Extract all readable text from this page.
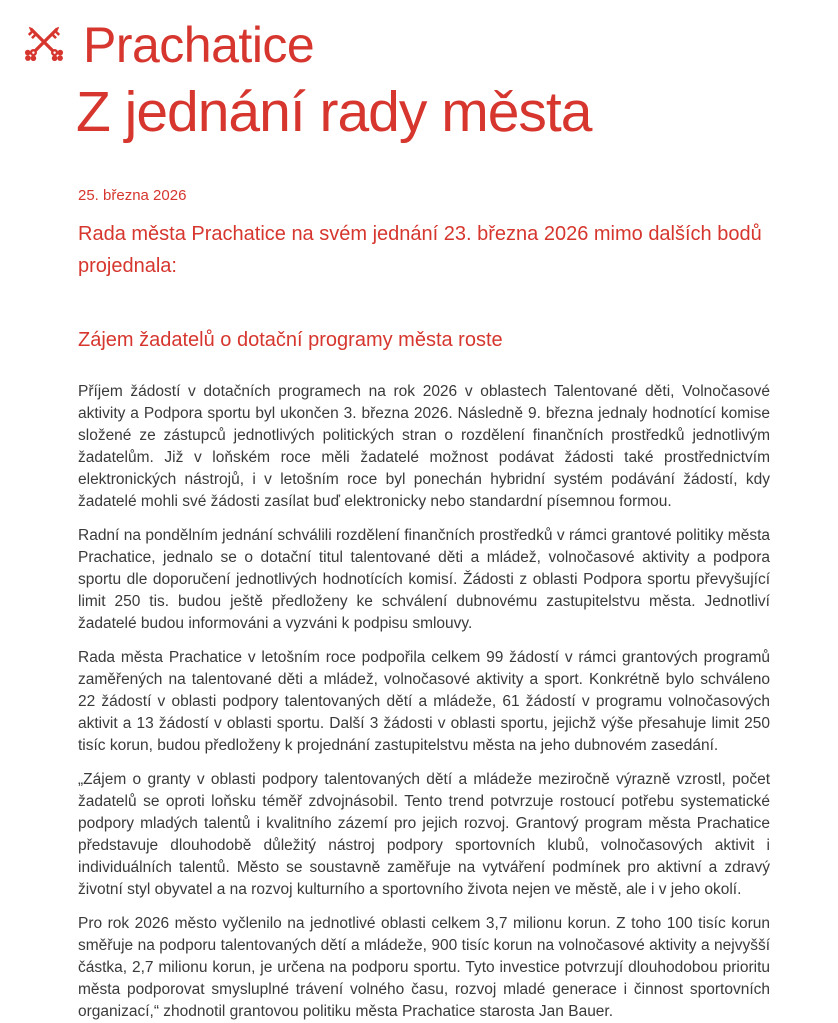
Prachatice
Z jednání rady města

25. března 2026

Rada města Prachatice na svém jednání 23. března 2026 mimo dalších bodů projednala:

Zájem žadatelů o dotační programy města roste

Příjem žádostí v dotačních programech na rok 2026 v oblastech Talentované děti, Volnočasové aktivity a Podpora sportu byl ukončen 3. března 2026. Následně 9. března jednaly hodnotící komise složené ze zástupců jednotlivých politických stran o rozdělení finančních prostředků jednotlivým žadatelům. Již v loňském roce měli žadatelé možnost podávat žádosti také prostřednictvím elektronických nástrojů, i v letošním roce byl ponechán hybridní systém podávání žádostí, kdy žadatelé mohli své žádosti zasílat buď elektronicky nebo standardní písemnou formou.

Radní na pondělním jednání schválili rozdělení finančních prostředků v rámci grantové politiky města Prachatice, jednalo se o dotační titul talentované děti a mládež, volnočasové aktivity a podpora sportu dle doporučení jednotlivých hodnotících komisí. Žádosti z oblasti Podpora sportu převyšující limit 250 tis. budou ještě předloženy ke schválení dubnovému zastupitelstvu města. Jednotliví žadatelé budou informováni a vyzváni k podpisu smlouvy.

Rada města Prachatice v letošním roce podpořila celkem 99 žádostí v rámci grantových programů zaměřených na talentované děti a mládež, volnočasové aktivity a sport. Konkrétně bylo schváleno 22 žádostí v oblasti podpory talentovaných dětí a mládeže, 61 žádostí v programu volnočasových aktivit a 13 žádostí v oblasti sportu. Další 3 žádosti v oblasti sportu, jejichž výše přesahuje limit 250 tisíc korun, budou předloženy k projednání zastupitelstvu města na jeho dubnovém zasedání.

„Zájem o granty v oblasti podpory talentovaných dětí a mládeže meziročně výrazně vzrostl, počet žadatelů se oproti loňsku téměř zdvojnásobil. Tento trend potvrzuje rostoucí potřebu systematické podpory mladých talentů i kvalitního zázemí pro jejich rozvoj. Grantový program města Prachatice představuje dlouhodobě důležitý nástroj podpory sportovních klubů, volnočasových aktivit i individuálních talentů. Město se soustavně zaměřuje na vytváření podmínek pro aktivní a zdravý životní styl obyvatel a na rozvoj kulturního a sportovního života nejen ve městě, ale i v jeho okolí.

Pro rok 2026 město vyčlenilo na jednotlivé oblasti celkem 3,7 milionu korun. Z toho 100 tisíc korun směřuje na podporu talentovaných dětí a mládeže, 900 tisíc korun na volnočasové aktivity a nejvyšší částka, 2,7 milionu korun, je určena na podporu sportu. Tyto investice potvrzují dlouhodobou prioritu města podporovat smysluplné trávení volného času, rozvoj mladé generace i činnost sportovních organizací,“ zhodnotil grantovou politiku města Prachatice starosta Jan Bauer.
